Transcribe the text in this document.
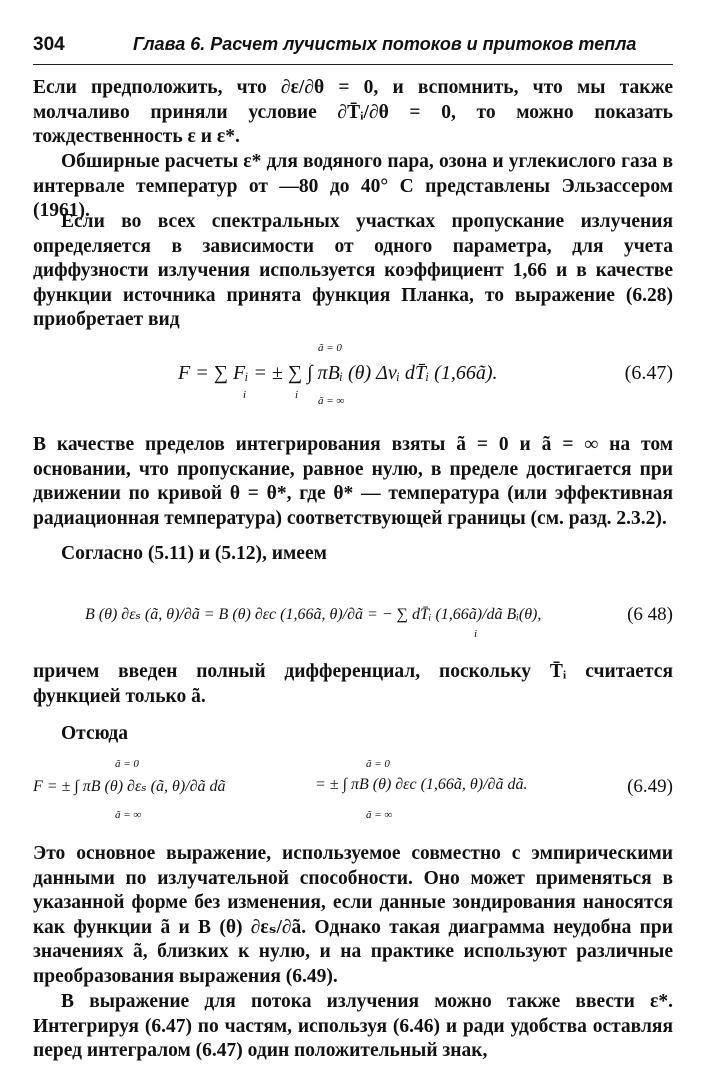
304	Глава 6. Расчет лучистых потоков и притоков тепла
Если предположить, что ∂ε/∂θ = 0, и вспомнить, что мы также молчаливо приняли условие ∂T̄ᵢ/∂θ = 0, то можно показать тождественность ε и ε*.
Обширные расчеты ε* для водяного пара, озона и углекислого газа в интервале температур от —80 до 40° С представлены Эльзассером (1961).
Если во всех спектральных участках пропускание излучения определяется в зависимости от одного параметра, для учета диффузности излучения используется коэффициент 1,66 и в качестве функции источника принята функция Планка, то выражение (6.28) приобретает вид
ã = 0
F = ∑ Fᵢ = ± ∑ ∫ πBᵢ (θ) Δνᵢ dT̄ᵢ (1,66ã).
i	i ã = ∞
(6.47)
В качестве пределов интегрирования взяты ã = 0 и ã = ∞ на том основании, что пропускание, равное нулю, в пределе достигается при движении по кривой θ = θ*, где θ* — температура (или эффективная радиационная температура) соответствующей границы (см. разд. 2.3.2).
Согласно (5.11) и (5.12), имеем
B (θ) ∂εₛ (ã, θ)/∂ã = B (θ) ∂εc (1,66ã, θ)/∂ã = − ∑ dT̄ᵢ (1,66ã)/dã Bᵢ(θ),
i
(6 48)
причем введен полный дифференциал, поскольку T̄ᵢ считается функцией только ã.
Отсюда
ã = 0
F = ± ∫ πB (θ) ∂εₛ (ã, θ)/∂ã dã
ã = ∞
ã = 0
= ± ∫ πB (θ) ∂εc (1,66ã, θ)/∂ã dã.
ã = ∞
(6.49)
Это основное выражение, используемое совместно с эмпирическими данными по излучательной способности. Оно может применяться в указанной форме без изменения, если данные зондирования наносятся как функции ã и B (θ) ∂εₛ/∂ã. Однако такая диаграмма неудобна при значениях ã, близких к нулю, и на практике используют различные преобразования выражения (6.49).
В выражение для потока излучения можно также ввести ε*. Интегрируя (6.47) по частям, используя (6.46) и ради удобства оставляя перед интегралом (6.47) один положительный знак,
